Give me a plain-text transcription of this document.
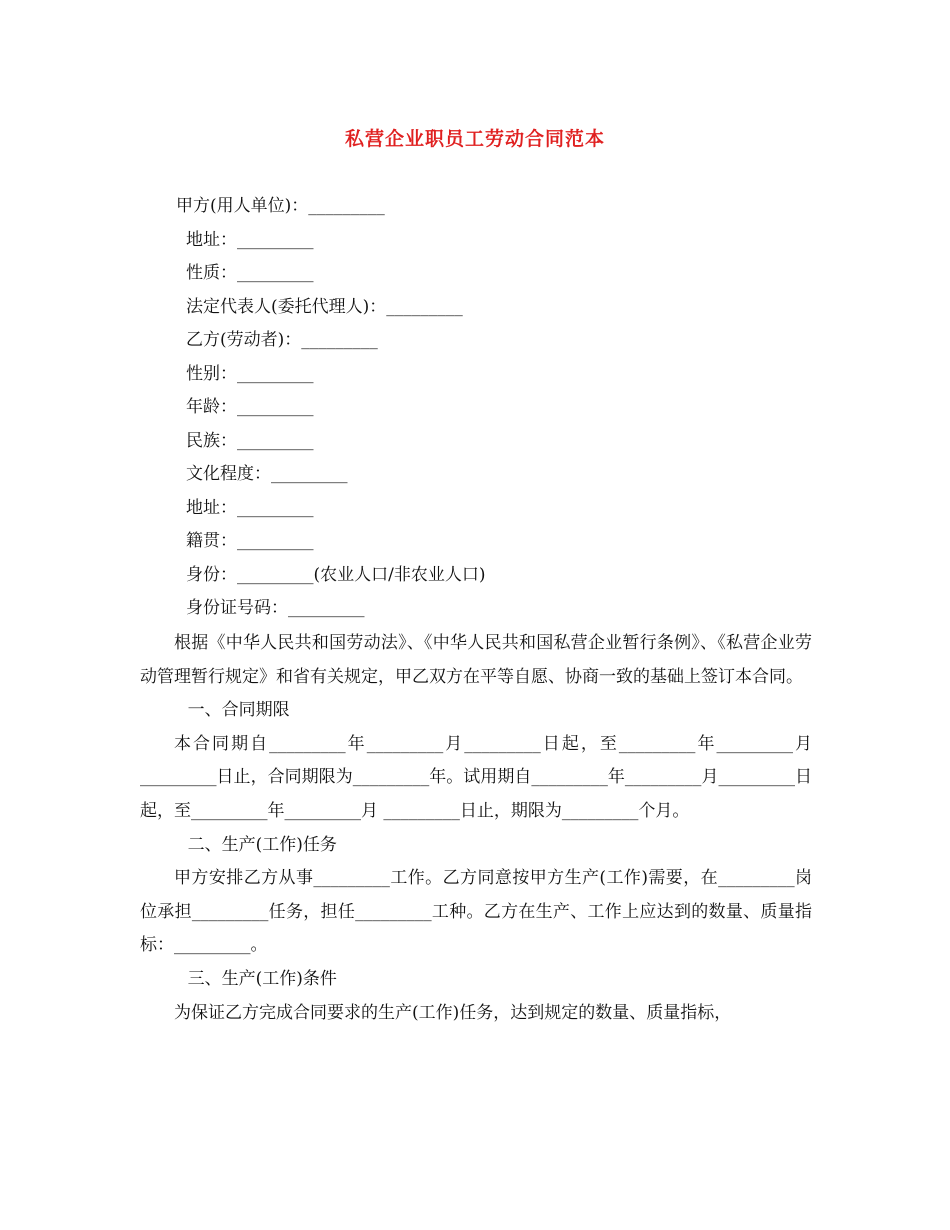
私营企业职员工劳动合同范本
甲方(用人单位)：_________
地址：_________
性质：_________
法定代表人(委托代理人)：_________
乙方(劳动者)：_________
性别：_________
年龄：_________
民族：_________
文化程度：_________
地址：_________
籍贯：_________
身份：_________(农业人口/非农业人口)
身份证号码：_________

根据《中华人民共和国劳动法》、《中华人民共和国私营企业暂行条例》、《私营企业劳动管理暂行规定》和省有关规定，甲乙双方在平等自愿、协商一致的基础上签订本合同。

一、合同期限

本合同期自_________年_________月_________日起，至_________年_________月_________日止，合同期限为_________年。试用期自_________年_________月_________日起，至_________年_________月 _________日止，期限为_________个月。

二、生产(工作)任务

甲方安排乙方从事_________工作。乙方同意按甲方生产(工作)需要，在_________岗位承担_________任务，担任_________工种。乙方在生产、工作上应达到的数量、质量指标：_________。

三、生产(工作)条件

为保证乙方完成合同要求的生产(工作)任务，达到规定的数量、质量指标，
